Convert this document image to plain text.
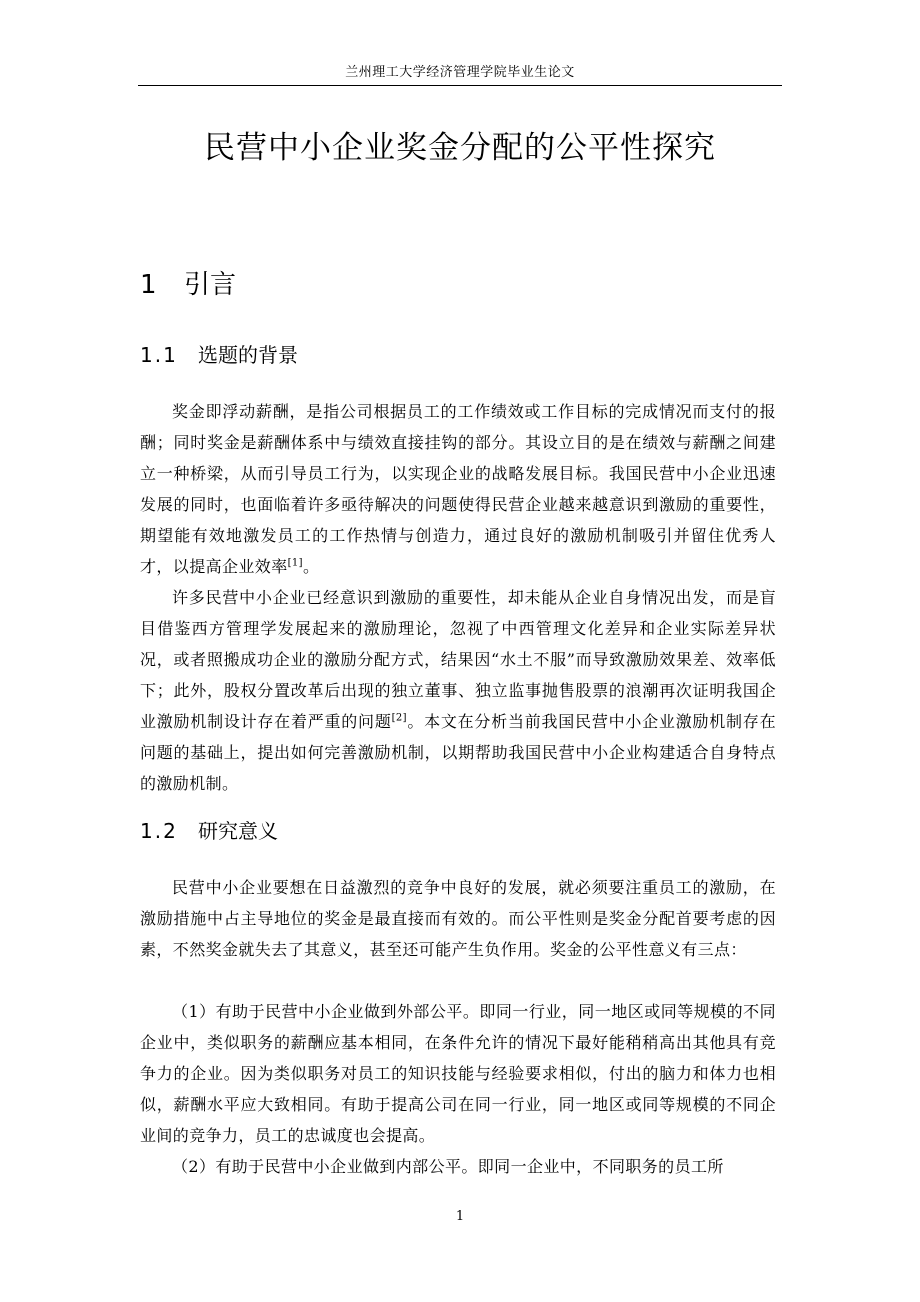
兰州理工大学经济管理学院毕业生论文
民营中小企业奖金分配的公平性探究
1 引言
1.1 选题的背景

奖金即浮动薪酬，是指公司根据员工的工作绩效或工作目标的完成情况而支付的报酬；同时奖金是薪酬体系中与绩效直接挂钩的部分。其设立目的是在绩效与薪酬之间建立一种桥梁，从而引导员工行为，以实现企业的战略发展目标。我国民营中小企业迅速发展的同时，也面临着许多亟待解决的问题使得民营企业越来越意识到激励的重要性，期望能有效地激发员工的工作热情与创造力，通过良好的激励机制吸引并留住优秀人才，以提高企业效率[1]。

许多民营中小企业已经意识到激励的重要性，却未能从企业自身情况出发，而是盲目借鉴西方管理学发展起来的激励理论，忽视了中西管理文化差异和企业实际差异状况，或者照搬成功企业的激励分配方式，结果因“水土不服”而导致激励效果差、效率低下；此外，股权分置改革后出现的独立董事、独立监事抛售股票的浪潮再次证明我国企业激励机制设计存在着严重的问题[2]。本文在分析当前我国民营中小企业激励机制存在问题的基础上，提出如何完善激励机制，以期帮助我国民营中小企业构建适合自身特点的激励机制。

1.2 研究意义

民营中小企业要想在日益激烈的竞争中良好的发展，就必须要注重员工的激励，在激励措施中占主导地位的奖金是最直接而有效的。而公平性则是奖金分配首要考虑的因素，不然奖金就失去了其意义，甚至还可能产生负作用。奖金的公平性意义有三点：

（1）有助于民营中小企业做到外部公平。即同一行业，同一地区或同等规模的不同企业中，类似职务的薪酬应基本相同，在条件允许的情况下最好能稍稍高出其他具有竞争力的企业。因为类似职务对员工的知识技能与经验要求相似，付出的脑力和体力也相似，薪酬水平应大致相同。有助于提高公司在同一行业，同一地区或同等规模的不同企业间的竞争力，员工的忠诚度也会提高。

（2）有助于民营中小企业做到内部公平。即同一企业中，不同职务的员工所

1
